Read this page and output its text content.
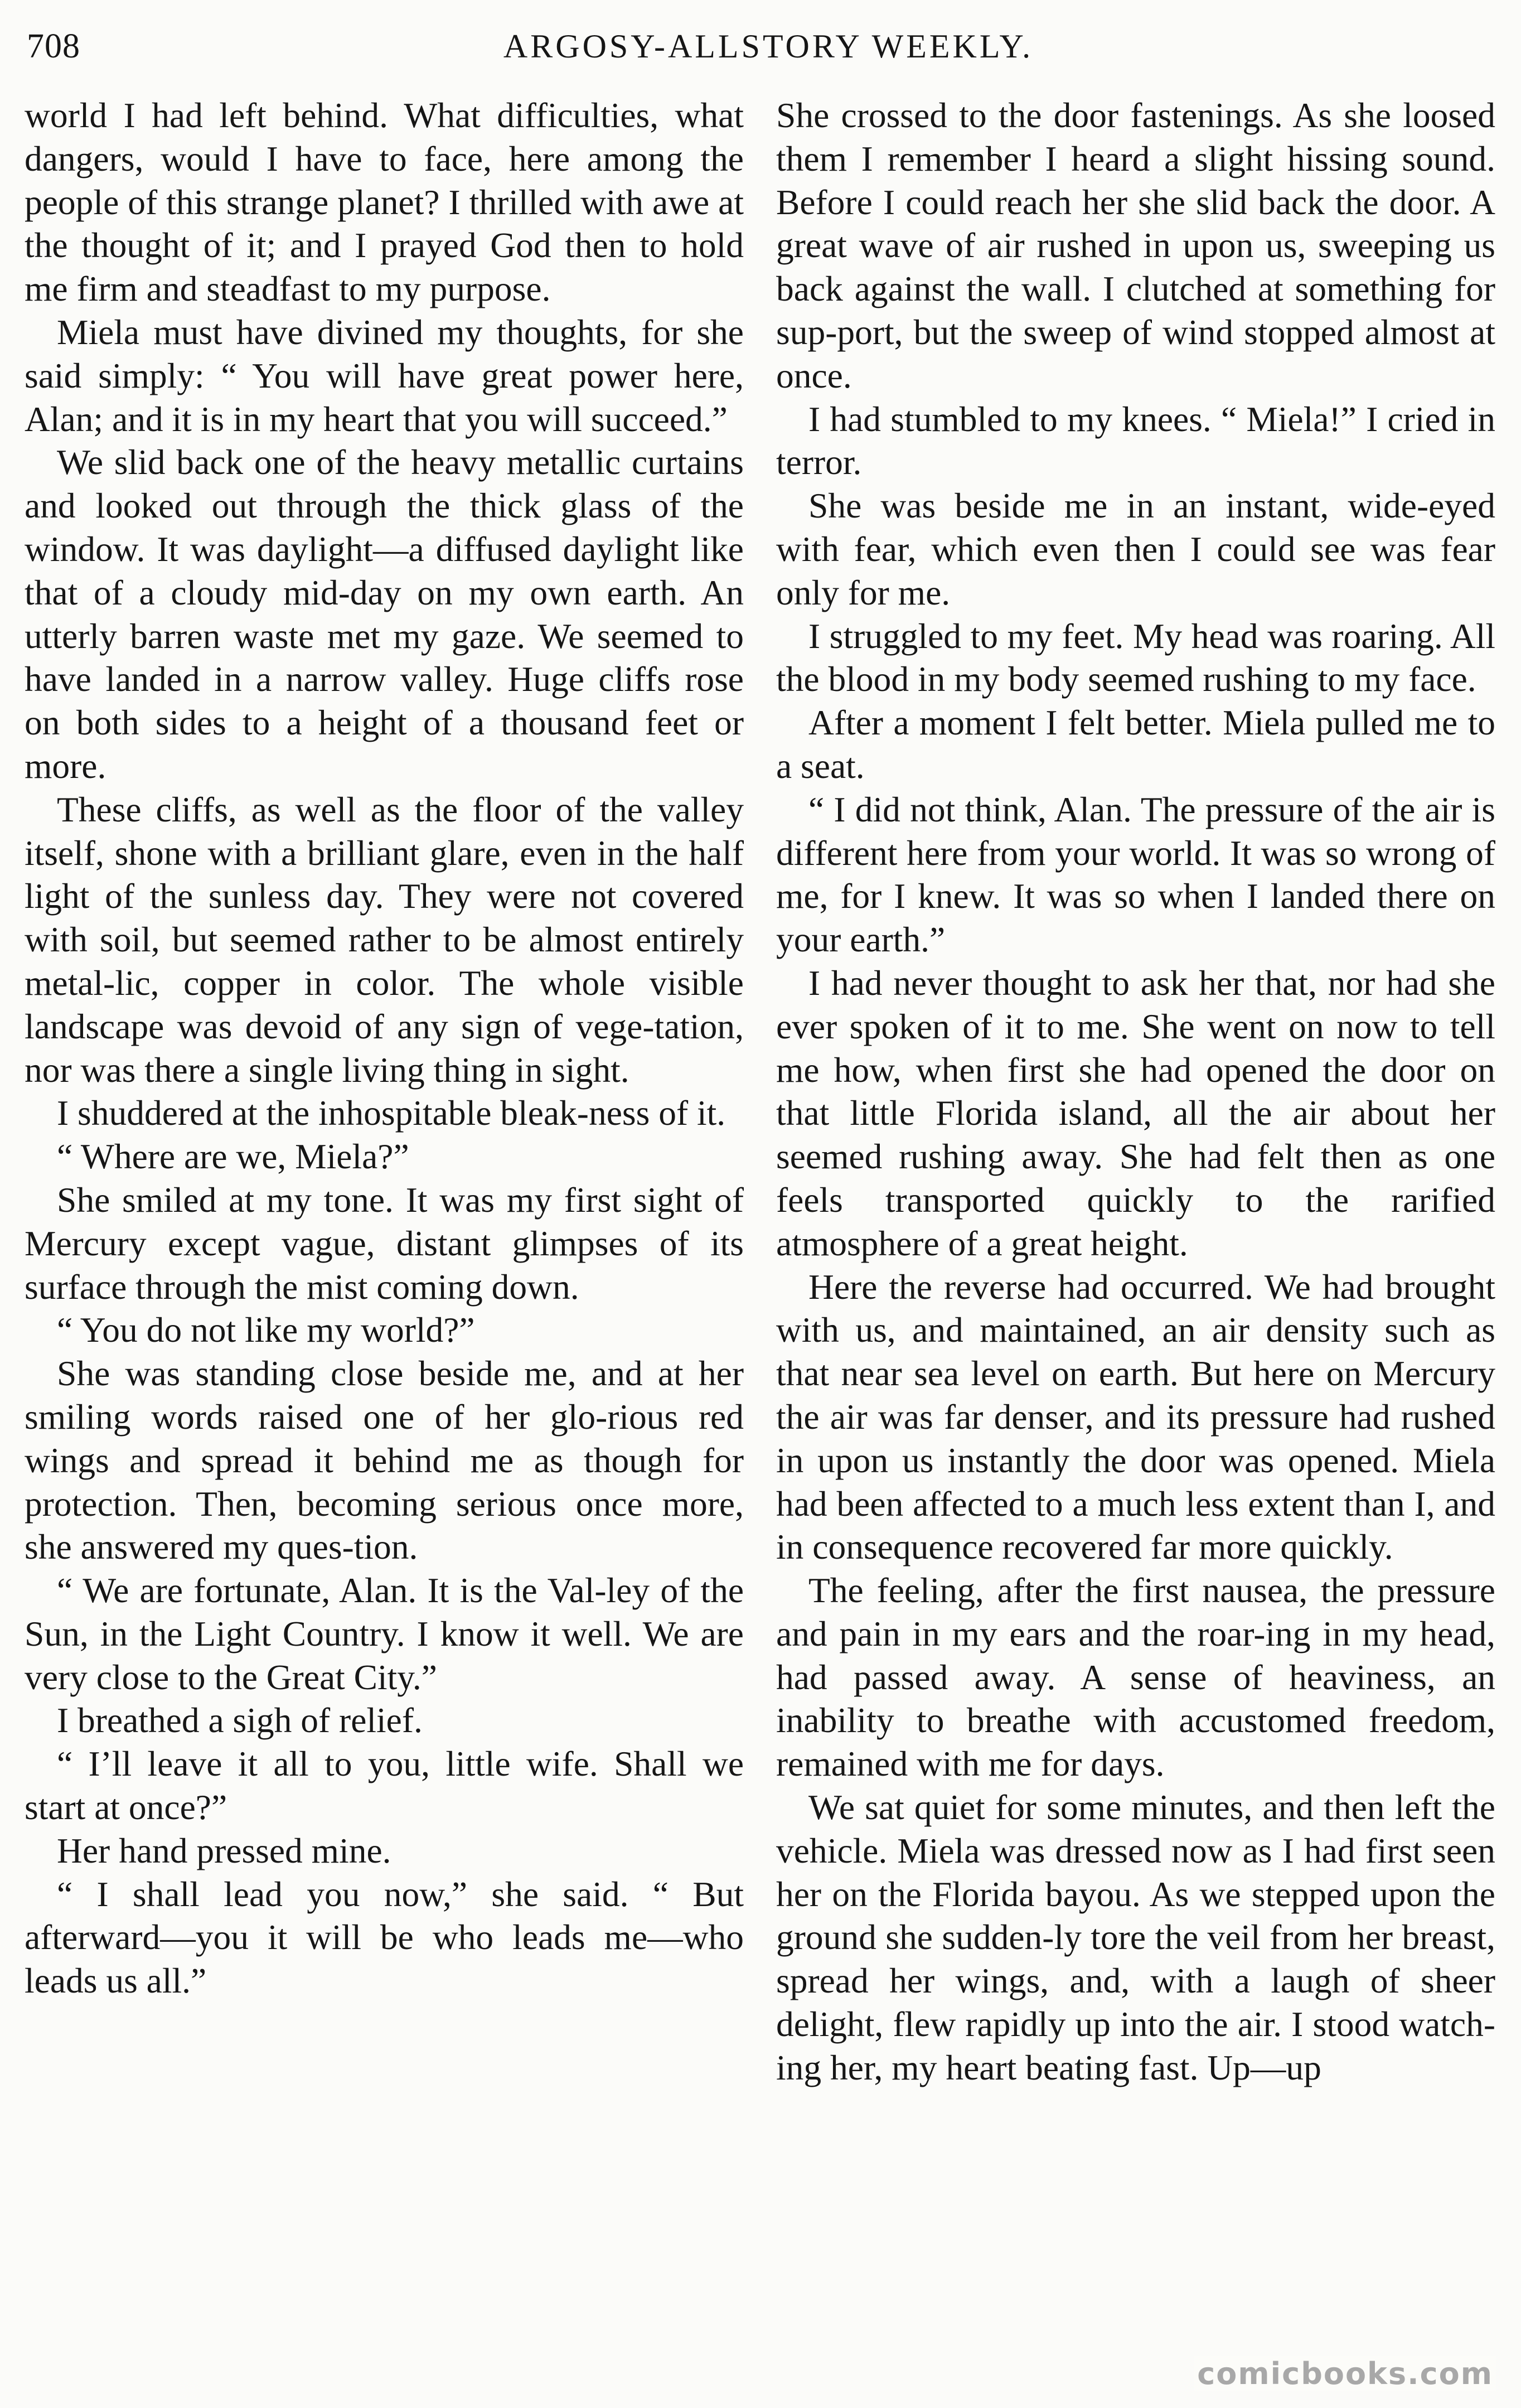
708	ARGOSY-ALLSTORY WEEKLY.

world I had left behind. What difficulties, what dangers, would I have to face, here among the people of this strange planet? I thrilled with awe at the thought of it; and I prayed God then to hold me firm and steadfast to my purpose.

Miela must have divined my thoughts, for she said simply: “ You will have great power here, Alan; and it is in my heart that you will succeed.”

We slid back one of the heavy metallic curtains and looked out through the thick glass of the window. It was daylight—a diffused daylight like that of a cloudy mid-day on my own earth. An utterly barren waste met my gaze. We seemed to have landed in a narrow valley. Huge cliffs rose on both sides to a height of a thousand feet or more.

These cliffs, as well as the floor of the valley itself, shone with a brilliant glare, even in the half light of the sunless day. They were not covered with soil, but seemed rather to be almost entirely metal-lic, copper in color. The whole visible landscape was devoid of any sign of vege-tation, nor was there a single living thing in sight.

I shuddered at the inhospitable bleak-ness of it.

“ Where are we, Miela?”

She smiled at my tone. It was my first sight of Mercury except vague, distant glimpses of its surface through the mist coming down.

“ You do not like my world?”

She was standing close beside me, and at her smiling words raised one of her glo-rious red wings and spread it behind me as though for protection. Then, becoming serious once more, she answered my ques-tion.

“ We are fortunate, Alan. It is the Val-ley of the Sun, in the Light Country. I know it well. We are very close to the Great City.”

I breathed a sigh of relief.

“ I’ll leave it all to you, little wife. Shall we start at once?”

Her hand pressed mine.

“ I shall lead you now,” she said. “ But afterward—you it will be who leads me—who leads us all.”

She crossed to the door fastenings. As she loosed them I remember I heard a slight hissing sound. Before I could reach her she slid back the door. A great wave of air rushed in upon us, sweeping us back against the wall. I clutched at something for sup-port, but the sweep of wind stopped almost at once.

I had stumbled to my knees. “ Miela!” I cried in terror.

She was beside me in an instant, wide-eyed with fear, which even then I could see was fear only for me.

I struggled to my feet. My head was roaring. All the blood in my body seemed rushing to my face.

After a moment I felt better. Miela pulled me to a seat.

“ I did not think, Alan. The pressure of the air is different here from your world. It was so wrong of me, for I knew. It was so when I landed there on your earth.”

I had never thought to ask her that, nor had she ever spoken of it to me. She went on now to tell me how, when first she had opened the door on that little Florida island, all the air about her seemed rushing away. She had felt then as one feels transported quickly to the rarified atmosphere of a great height.

Here the reverse had occurred. We had brought with us, and maintained, an air density such as that near sea level on earth. But here on Mercury the air was far denser, and its pressure had rushed in upon us instantly the door was opened. Miela had been affected to a much less extent than I, and in consequence recovered far more quickly.

The feeling, after the first nausea, the pressure and pain in my ears and the roar-ing in my head, had passed away. A sense of heaviness, an inability to breathe with accustomed freedom, remained with me for days.

We sat quiet for some minutes, and then left the vehicle. Miela was dressed now as I had first seen her on the Florida bayou. As we stepped upon the ground she sudden-ly tore the veil from her breast, spread her wings, and, with a laugh of sheer delight, flew rapidly up into the air. I stood watch-ing her, my heart beating fast. Up—up

comicbooks.com
